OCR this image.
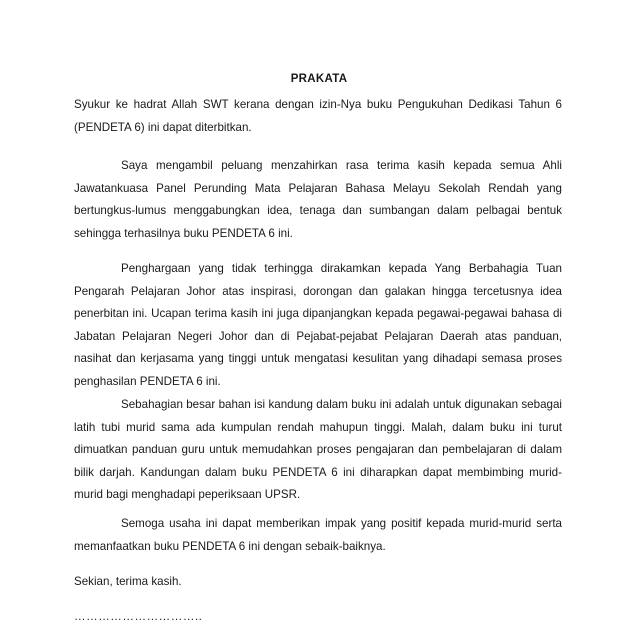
PRAKATA

Syukur ke hadrat Allah SWT kerana dengan izin-Nya buku Pengukuhan Dedikasi Tahun 6 (PENDETA 6) ini dapat diterbitkan.

Saya mengambil peluang menzahirkan rasa terima kasih kepada semua Ahli Jawatankuasa Panel Perunding Mata Pelajaran Bahasa Melayu Sekolah Rendah yang bertungkus-lumus menggabungkan idea, tenaga dan sumbangan dalam pelbagai bentuk sehingga terhasilnya buku PENDETA 6 ini.

Penghargaan yang tidak terhingga dirakamkan kepada Yang Berbahagia Tuan Pengarah Pelajaran Johor atas inspirasi, dorongan dan galakan hingga tercetusnya idea penerbitan ini. Ucapan terima kasih ini juga dipanjangkan kepada pegawai-pegawai bahasa di Jabatan Pelajaran Negeri Johor dan di Pejabat-pejabat Pelajaran Daerah atas panduan, nasihat dan kerjasama yang tinggi untuk mengatasi kesulitan yang dihadapi semasa proses penghasilan PENDETA 6 ini.

Sebahagian besar bahan isi kandung dalam buku ini adalah untuk digunakan sebagai latih tubi murid sama ada kumpulan rendah mahupun tinggi. Malah, dalam buku ini turut dimuatkan panduan guru untuk memudahkan proses pengajaran dan pembelajaran di dalam bilik darjah. Kandungan dalam buku PENDETA 6 ini diharapkan dapat membimbing murid-murid bagi menghadapi peperiksaan UPSR.

Semoga usaha ini dapat memberikan impak yang positif kepada murid-murid serta memanfaatkan buku PENDETA 6 ini dengan sebaik-baiknya.

Sekian, terima kasih.

…………………………..
